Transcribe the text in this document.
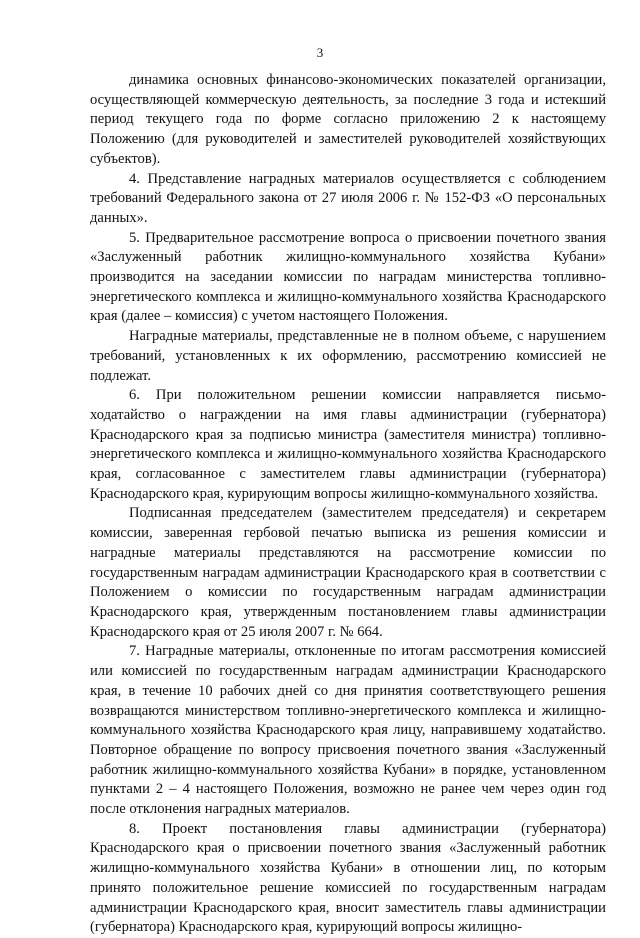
3

динамика основных финансово-экономических показателей организации, осуществляющей коммерческую деятельность, за последние 3 года и истекший период текущего года по форме согласно приложению 2 к настоящему Положению (для руководителей и заместителей руководителей хозяйствующих субъектов).

4. Представление наградных материалов осуществляется с соблюдением требований Федерального закона от 27 июля 2006 г. № 152-ФЗ «О персональных данных».

5. Предварительное рассмотрение вопроса о присвоении почетного звания «Заслуженный работник жилищно-коммунального хозяйства Кубани» производится на заседании комиссии по наградам министерства топливно-энергетического комплекса и жилищно-коммунального хозяйства Краснодарского края (далее – комиссия) с учетом настоящего Положения.

Наградные материалы, представленные не в полном объеме, с нарушением требований, установленных к их оформлению, рассмотрению комиссией не подлежат.

6. При положительном решении комиссии направляется письмо-ходатайство о награждении на имя главы администрации (губернатора) Краснодарского края за подписью министра (заместителя министра) топливно-энергетического комплекса и жилищно-коммунального хозяйства Краснодарского края, согласованное с заместителем главы администрации (губернатора) Краснодарского края, курирующим вопросы жилищно-коммунального хозяйства.

Подписанная председателем (заместителем председателя) и секретарем комиссии, заверенная гербовой печатью выписка из решения комиссии и наградные материалы представляются на рассмотрение комиссии по государственным наградам администрации Краснодарского края в соответствии с Положением о комиссии по государственным наградам администрации Краснодарского края, утвержденным постановлением главы администрации Краснодарского края от 25 июля 2007 г. № 664.

7. Наградные материалы, отклоненные по итогам рассмотрения комиссией или комиссией по государственным наградам администрации Краснодарского края, в течение 10 рабочих дней со дня принятия соответствующего решения возвращаются министерством топливно-энергетического комплекса и жилищно-коммунального хозяйства Краснодарского края лицу, направившему ходатайство. Повторное обращение по вопросу присвоения почетного звания «Заслуженный работник жилищно-коммунального хозяйства Кубани» в порядке, установленном пунктами 2 – 4 настоящего Положения, возможно не ранее чем через один год после отклонения наградных материалов.

8. Проект постановления главы администрации (губернатора) Краснодарского края о присвоении почетного звания «Заслуженный работник жилищно-коммунального хозяйства Кубани» в отношении лиц, по которым принято положительное решение комиссией по государственным наградам администрации Краснодарского края, вносит заместитель главы администрации (губернатора) Краснодарского края, курирующий вопросы жилищно-
